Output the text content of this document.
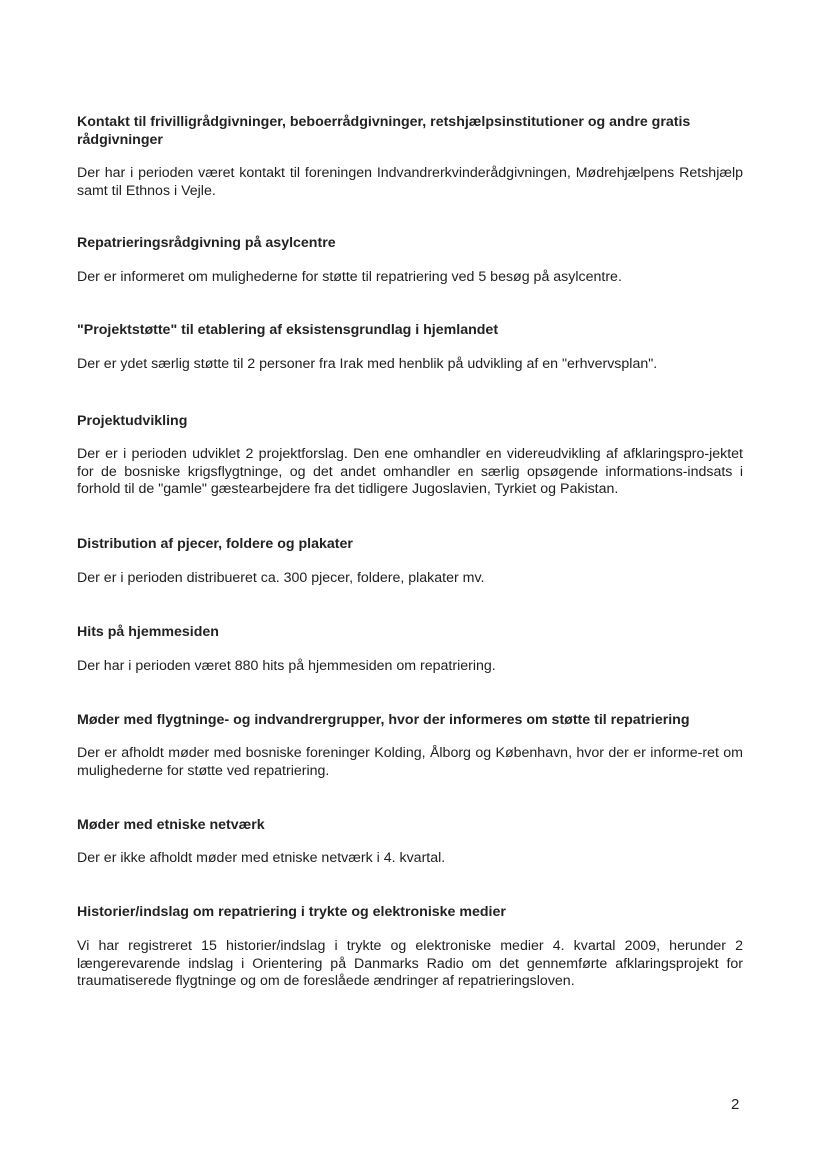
Kontakt til frivilligrådgivninger, beboerrådgivninger, retshjælpsinstitutioner og andre gratis rådgivninger

Der har i perioden været kontakt til foreningen Indvandrerkvinderådgivningen, Mødrehjælpens Retshjælp samt til Ethnos i Vejle.

Repatrieringsrådgivning på asylcentre

Der er informeret om mulighederne for støtte til repatriering ved 5 besøg på asylcentre.

"Projektstøtte" til etablering af eksistensgrundlag i hjemlandet

Der er ydet særlig støtte til 2 personer fra Irak med henblik på udvikling af en "erhvervsplan".

Projektudvikling

Der er i perioden udviklet 2 projektforslag. Den ene omhandler en videreudvikling af afklaringspro-jektet for de bosniske krigsflygtninge, og det andet omhandler en særlig opsøgende informations-indsats i forhold til de "gamle" gæstearbejdere fra det tidligere Jugoslavien, Tyrkiet og Pakistan.

Distribution af pjecer, foldere og plakater

Der er i perioden distribueret ca. 300 pjecer, foldere, plakater mv.

Hits på hjemmesiden

Der har i perioden været 880 hits på hjemmesiden om repatriering.

Møder med flygtninge- og indvandrergrupper, hvor der informeres om støtte til repatriering

Der er afholdt møder med bosniske foreninger Kolding, Ålborg og København, hvor der er informe-ret om mulighederne for støtte ved repatriering.

Møder med etniske netværk

Der er ikke afholdt møder med etniske netværk i 4. kvartal.

Historier/indslag om repatriering i trykte og elektroniske medier

Vi har registreret 15 historier/indslag i trykte og elektroniske medier 4. kvartal 2009, herunder 2 længerevarende indslag i Orientering på Danmarks Radio om det gennemførte afklaringsprojekt for traumatiserede flygtninge og om de foreslåede ændringer af repatrieringsloven.

2
